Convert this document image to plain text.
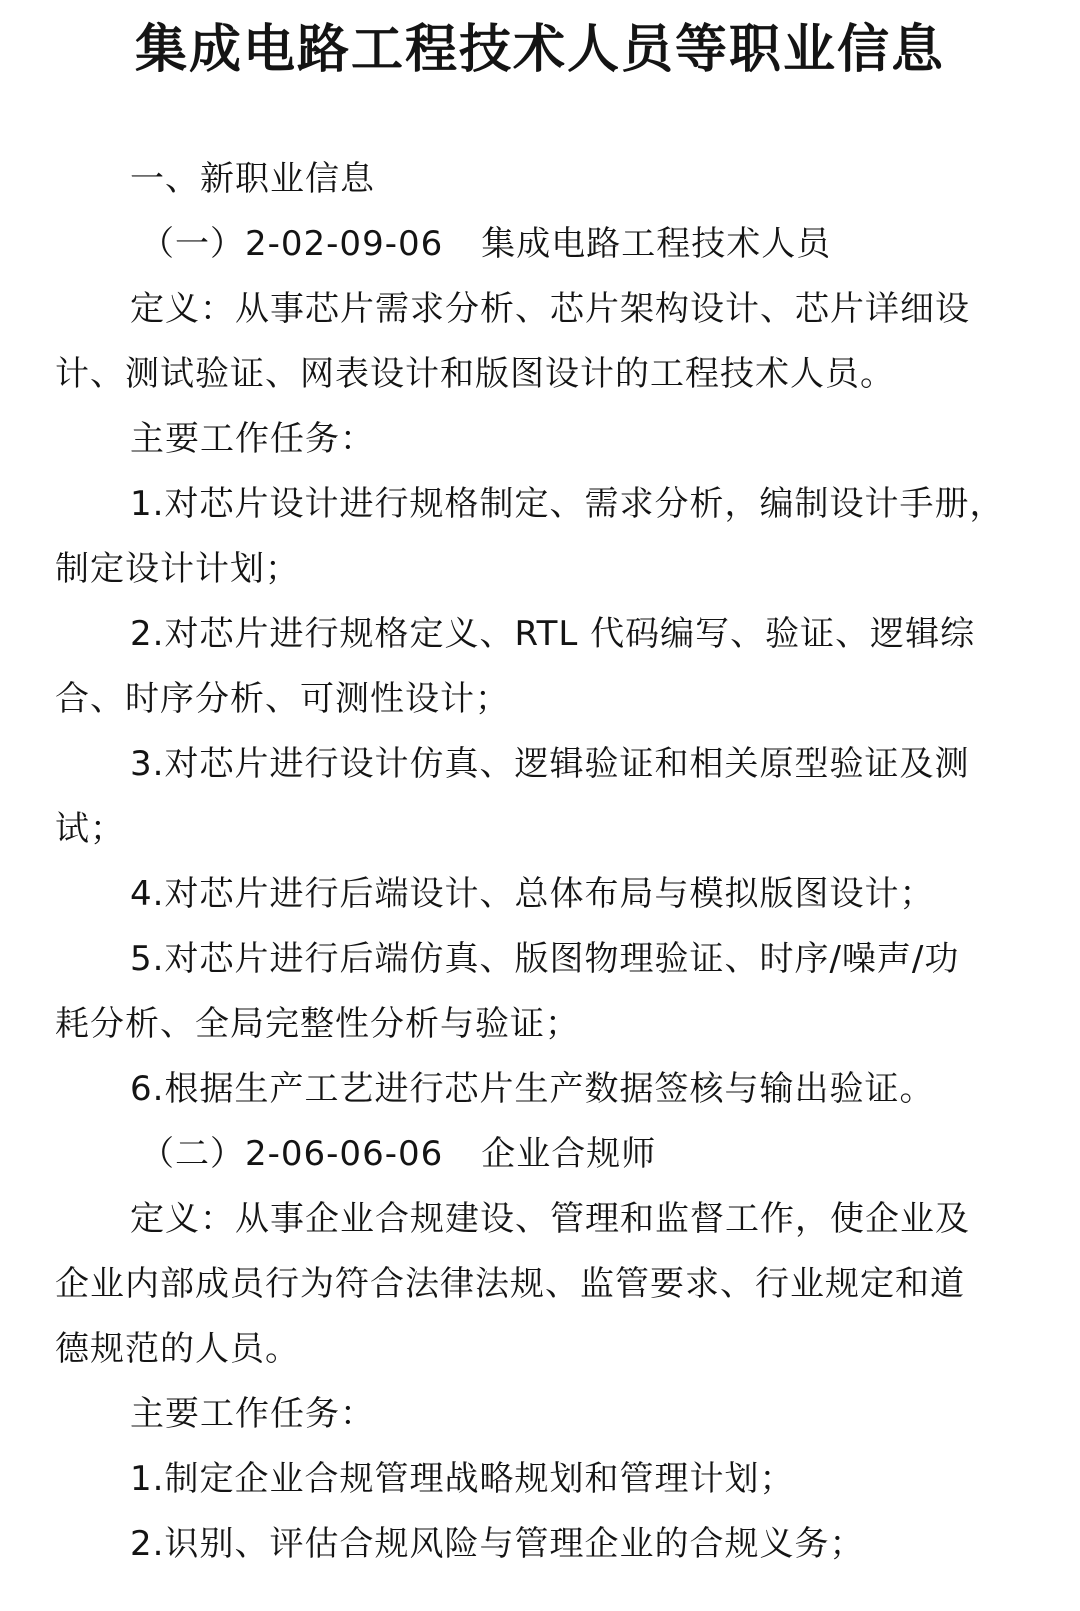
集成电路工程技术人员等职业信息
一、新职业信息
（一）2-02-09-06 集成电路工程技术人员
定义：从事芯片需求分析、芯片架构设计、芯片详细设
计、测试验证、网表设计和版图设计的工程技术人员。
主要工作任务：
1.对芯片设计进行规格制定、需求分析，编制设计手册，
制定设计计划；
2.对芯片进行规格定义、RTL 代码编写、验证、逻辑综
合、时序分析、可测性设计；
3.对芯片进行设计仿真、逻辑验证和相关原型验证及测
试；
4.对芯片进行后端设计、总体布局与模拟版图设计；
5.对芯片进行后端仿真、版图物理验证、时序/噪声/功
耗分析、全局完整性分析与验证；
6.根据生产工艺进行芯片生产数据签核与输出验证。
（二）2-06-06-06 企业合规师
定义：从事企业合规建设、管理和监督工作，使企业及
企业内部成员行为符合法律法规、监管要求、行业规定和道
德规范的人员。
主要工作任务：
1.制定企业合规管理战略规划和管理计划；
2.识别、评估合规风险与管理企业的合规义务；
